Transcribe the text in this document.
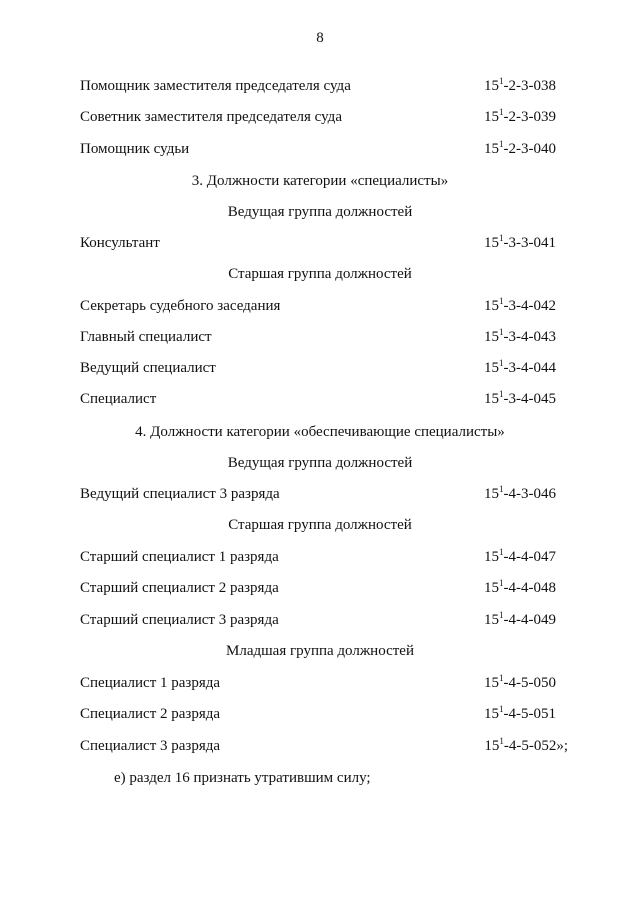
8
Помощник заместителя председателя суда	$15^1-2-3-038$
Советник заместителя председателя суда	$15^1-2-3-039$
Помощник судьи	$15^1-2-3-040$
3. Должности категории «специалисты»
Ведущая группа должностей
Консультант	$15^1-3-3-041$
Старшая группа должностей
Секретарь судебного заседания	$15^1-3-4-042$
Главный специалист	$15^1-3-4-043$
Ведущий специалист	$15^1-3-4-044$
Специалист	$15^1-3-4-045$
4. Должности категории «обеспечивающие специалисты»
Ведущая группа должностей
Ведущий специалист 3 разряда	$15^1-4-3-046$
Старшая группа должностей
Старший специалист 1 разряда	$15^1-4-4-047$
Старший специалист 2 разряда	$15^1-4-4-048$
Старший специалист 3 разряда	$15^1-4-4-049$
Младшая группа должностей
Специалист 1 разряда	$15^1-4-5-050$
Специалист 2 разряда	$15^1-4-5-051$
Специалист 3 разряда	$15^1-4-5-052$»;
е) раздел 16 признать утратившим силу;
